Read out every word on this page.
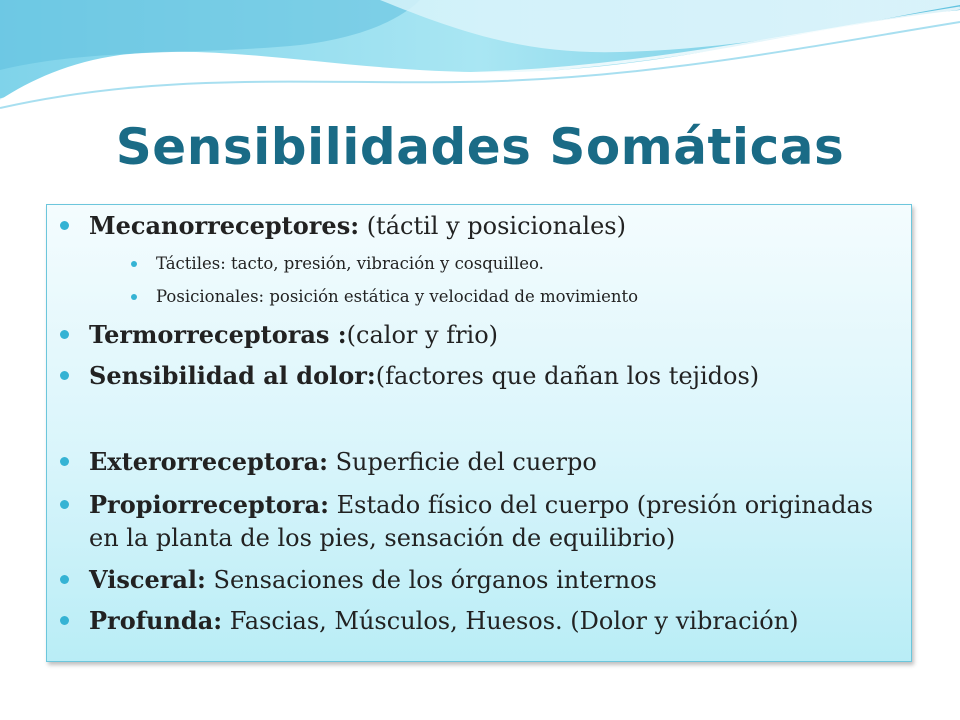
Sensibilidades Somáticas
Mecanorreceptores: (táctil y posicionales)
Táctiles: tacto, presión, vibración y cosquilleo.
Posicionales: posición estática y velocidad de movimiento
Termorreceptoras :(calor y frio)
Sensibilidad al dolor:(factores que dañan los tejidos)
Exterorreceptora: Superficie del cuerpo
Propiorreceptora: Estado físico del cuerpo (presión originadas en la planta de los pies, sensación de equilibrio)
Visceral: Sensaciones de los órganos internos
Profunda: Fascias, Músculos, Huesos. (Dolor y vibración)
